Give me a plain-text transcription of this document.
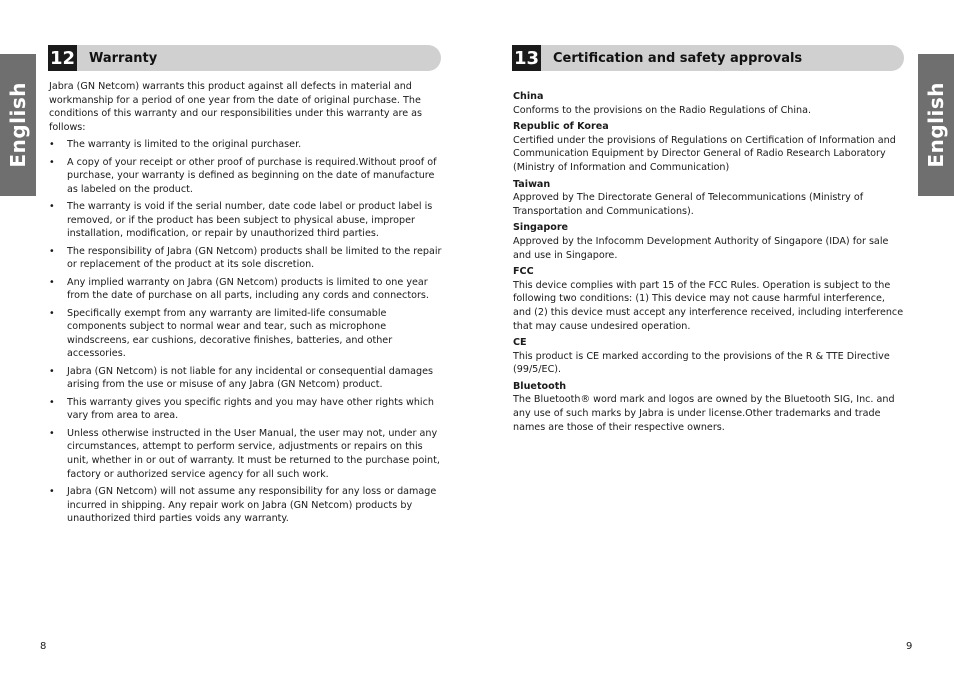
English	English
12 Warranty

Jabra (GN Netcom) warrants this product against all defects in material and workmanship for a period of one year from the date of original purchase. The conditions of this warranty and our responsibilities under this warranty are as follows:

• The warranty is limited to the original purchaser.
• A copy of your receipt or other proof of purchase is required.Without proof of purchase, your warranty is defined as beginning on the date of manufacture as labeled on the product.
• The warranty is void if the serial number, date code label or product label is removed, or if the product has been subject to physical abuse, improper installation, modification, or repair by unauthorized third parties.
• The responsibility of Jabra (GN Netcom) products shall be limited to the repair or replacement of the product at its sole discretion.
• Any implied warranty on Jabra (GN Netcom) products is limited to one year from the date of purchase on all parts, including any cords and connectors.
• Specifically exempt from any warranty are limited-life consumable components subject to normal wear and tear, such as microphone windscreens, ear cushions, decorative finishes, batteries, and other accessories.
• Jabra (GN Netcom) is not liable for any incidental or consequential damages arising from the use or misuse of any Jabra (GN Netcom) product.
• This warranty gives you specific rights and you may have other rights which vary from area to area.
• Unless otherwise instructed in the User Manual, the user may not, under any circumstances, attempt to perform service, adjustments or repairs on this unit, whether in or out of warranty. It must be returned to the purchase point, factory or authorized service agency for all such work.
• Jabra (GN Netcom) will not assume any responsibility for any loss or damage incurred in shipping. Any repair work on Jabra (GN Netcom) products by unauthorized third parties voids any warranty.
13 Certification and safety approvals
China

Conforms to the provisions on the Radio Regulations of China.

Republic of Korea

Certified under the provisions of Regulations on Certification of Information and Communication Equipment by Director General of Radio Research Laboratory (Ministry of Information and Communication)

Taiwan

Approved by The Directorate General of Telecommunications (Ministry of Transportation and Communications).

Singapore

Approved by the Infocomm Development Authority of Singapore (IDA) for sale and use in Singapore.

FCC

This device complies with part 15 of the FCC Rules. Operation is subject to the following two conditions: (1) This device may not cause harmful interference, and (2) this device must accept any interference received, including interference that may cause undesired operation.

CE

This product is CE marked according to the provisions of the R & TTE Directive (99/5/EC).

Bluetooth

The Bluetooth® word mark and logos are owned by the Bluetooth SIG, Inc. and any use of such marks by Jabra is under license.Other trademarks and trade names are those of their respective owners.

8	9
